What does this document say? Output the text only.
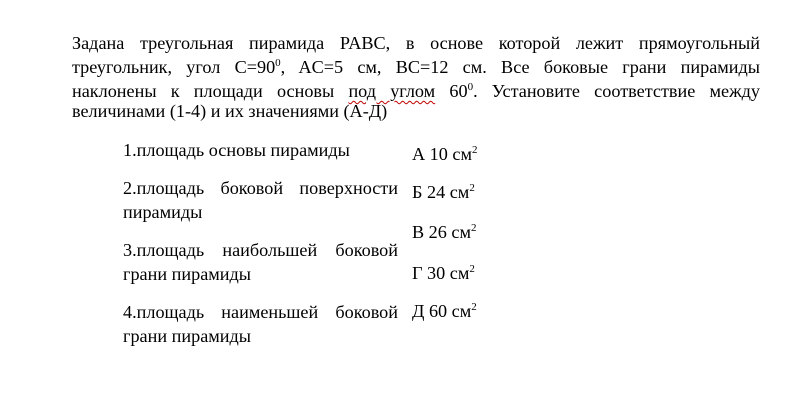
Задана треугольная пирамида PABC, в основе которой лежит прямоугольный

треугольник, угол $C=90^0$, AC=5 см, BC=12 см. Все боковые грани пирамиды

наклонены к площади основы под углом $60^0$. Установите соответствие между

величинами (1-4) и их значениями (А-Д)

1.площадь основы пирамиды

2.площадь боковой поверхности

пирамиды

3.площадь наибольшей боковой

грани пирамиды

4.площадь наименьшей боковой

грани пирамиды

А 10 $см^2$
Б 24 $см^2$
В 26 $см^2$
Г 30 $см^2$
Д 60 $см^2$
